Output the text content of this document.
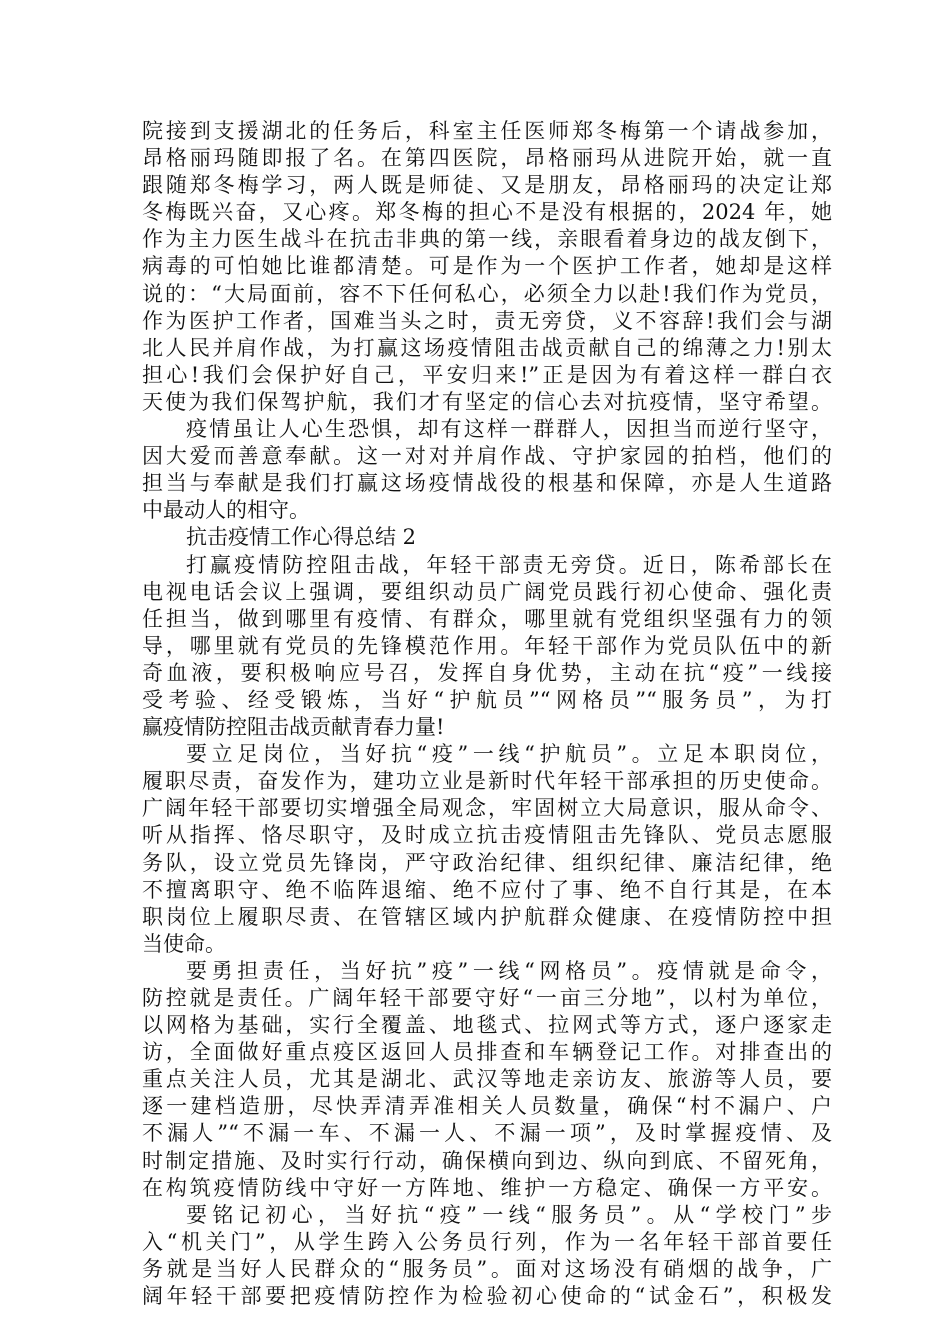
院接到支援湖北的任务后，科室主任医师郑冬梅第一个请战参加，
昂格丽玛随即报了名。在第四医院，昂格丽玛从进院开始，就一直
跟随郑冬梅学习，两人既是师徒、又是朋友，昂格丽玛的决定让郑
冬梅既兴奋，又心疼。郑冬梅的担心不是没有根据的，2024 年，她
作为主力医生战斗在抗击非典的第一线，亲眼看着身边的战友倒下，
病毒的可怕她比谁都清楚。可是作为一个医护工作者，她却是这样
说的：“大局面前，容不下任何私心，必须全力以赴!我们作为党员，
作为医护工作者，国难当头之时，责无旁贷，义不容辞!我们会与湖
北人民并肩作战，为打赢这场疫情阻击战贡献自己的绵薄之力!别太
担心!我们会保护好自己，平安归来!”正是因为有着这样一群白衣
天使为我们保驾护航，我们才有坚定的信心去对抗疫情，坚守希望。
疫情虽让人心生恐惧，却有这样一群群人，因担当而逆行坚守，
因大爱而善意奉献。这一对对并肩作战、守护家园的拍档，他们的
担当与奉献是我们打赢这场疫情战役的根基和保障，亦是人生道路
中最动人的相守。
抗击疫情工作心得总结 2
打赢疫情防控阻击战，年轻干部责无旁贷。近日，陈希部长在
电视电话会议上强调，要组织动员广阔党员践行初心使命、强化责
任担当，做到哪里有疫情、有群众，哪里就有党组织坚强有力的领
导，哪里就有党员的先锋模范作用。年轻干部作为党员队伍中的新
奇血液，要积极响应号召，发挥自身优势，主动在抗“疫”一线接
受考验、经受锻炼，当好“护航员”“网格员”“服务员”，为打
赢疫情防控阻击战贡献青春力量!
要立足岗位，当好抗“疫”一线“护航员”。立足本职岗位，
履职尽责，奋发作为，建功立业是新时代年轻干部承担的历史使命。
广阔年轻干部要切实增强全局观念，牢固树立大局意识，服从命令、
听从指挥、恪尽职守，及时成立抗击疫情阻击先锋队、党员志愿服
务队，设立党员先锋岗，严守政治纪律、组织纪律、廉洁纪律，绝
不擅离职守、绝不临阵退缩、绝不应付了事、绝不自行其是，在本
职岗位上履职尽责、在管辖区域内护航群众健康、在疫情防控中担
当使命。
要勇担责任，当好抗”疫”一线“网格员”。疫情就是命令，
防控就是责任。广阔年轻干部要守好“一亩三分地”，以村为单位，
以网格为基础，实行全覆盖、地毯式、拉网式等方式，逐户逐家走
访，全面做好重点疫区返回人员排查和车辆登记工作。对排查出的
重点关注人员，尤其是湖北、武汉等地走亲访友、旅游等人员，要
逐一建档造册，尽快弄清弄准相关人员数量，确保“村不漏户、户
不漏人”“不漏一车、不漏一人、不漏一项”，及时掌握疫情、及
时制定措施、及时实行行动，确保横向到边、纵向到底、不留死角，
在构筑疫情防线中守好一方阵地、维护一方稳定、确保一方平安。
要铭记初心，当好抗“疫”一线“服务员”。从“学校门”步
入“机关门”，从学生跨入公务员行列，作为一名年轻干部首要任
务就是当好人民群众的“服务员”。面对这场没有硝烟的战争，广
阔年轻干部要把疫情防控作为检验初心使命的“试金石”，积极发
